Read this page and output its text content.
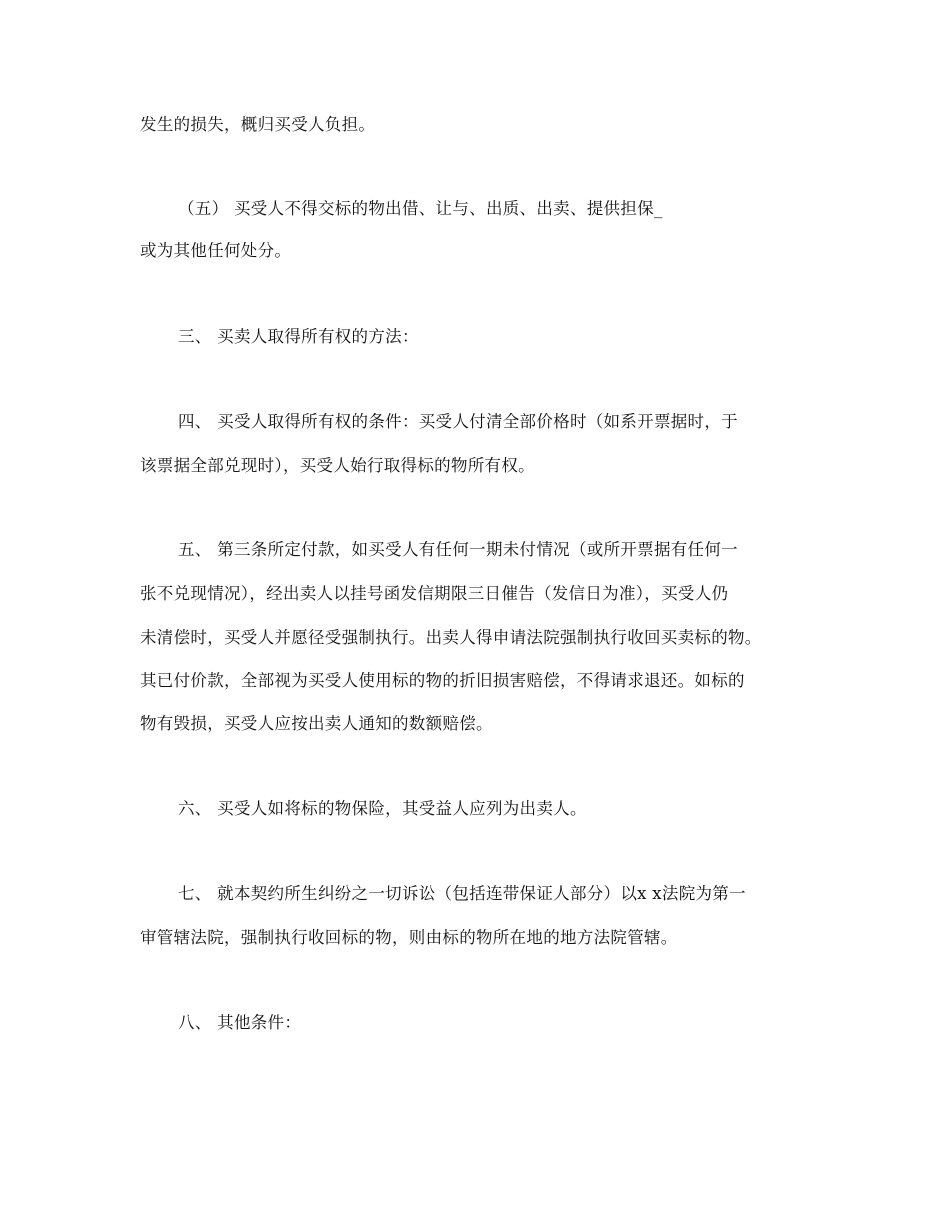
发生的损失，概归买受人负担。
（五） 买受人不得交标的物出借、让与、出质、出卖、提供担保_
或为其他任何处分。
三、 买卖人取得所有权的方法：
四、 买受人取得所有权的条件：买受人付清全部价格时（如系开票据时，于
该票据全部兑现时），买受人始行取得标的物所有权。
五、 第三条所定付款，如买受人有任何一期未付情况（或所开票据有任何一
张不兑现情况），经出卖人以挂号函发信期限三日催告（发信日为准），买受人仍
未清偿时，买受人并愿径受强制执行。出卖人得申请法院强制执行收回买卖标的物。
其已付价款，全部视为买受人使用标的物的折旧损害赔偿，不得请求退还。如标的
物有毁损，买受人应按出卖人通知的数额赔偿。
六、 买受人如将标的物保险，其受益人应列为出卖人。
七、 就本契约所生纠纷之一切诉讼（包括连带保证人部分）以x x法院为第一
审管辖法院，强制执行收回标的物，则由标的物所在地的地方法院管辖。
八、 其他条件：
